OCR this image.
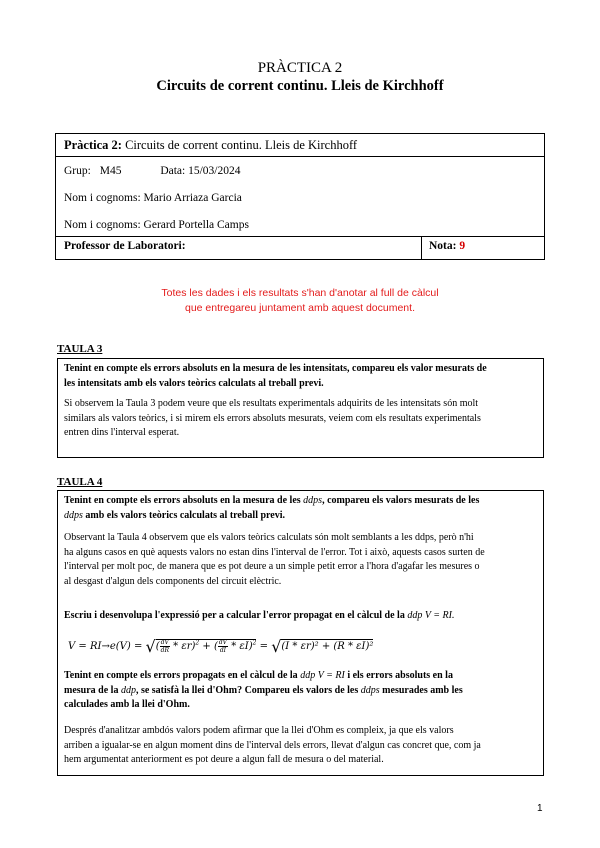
PRÀCTICA 2
Circuits de corrent continu. Lleis de Kirchhoff
Pràctica 2: Circuits de corrent continu. Lleis de Kirchhoff
Grup: M45	Data: 15/03/2024
Nom i cognoms: Mario Arriaza Garcia
Nom i cognoms: Gerard Portella Camps
Professor de Laboratori:	Nota: 9
Totes les dades i els resultats s'han d'anotar al full de càlcul
que entregareu juntament amb aquest document.
TAULA 3
Tenint en compte els errors absoluts en la mesura de les intensitats, compareu els valor mesurats de
les intensitats amb els valors teòrics calculats al treball previ.
Si observem la Taula 3 podem veure que els resultats experimentals adquirits de les intensitats són molt
similars als valors teòrics, i si mirem els errors absoluts mesurats, veiem com els resultats experimentals
entren dins l'interval esperat.
TAULA 4
Tenint en compte els errors absoluts en la mesura de les ddps, compareu els valors mesurats de les
ddps amb els valors teòrics calculats al treball previ.
Observant la Taula 4 observem que els valors teòrics calculats són molt semblants a les ddps, però n'hi
ha alguns casos en què aquests valors no estan dins l'interval de l'error. Tot i això, aquests casos surten de
l'interval per molt poc, de manera que es pot deure a un simple petit error a l'hora d'agafar les mesures o
al desgast d'algun dels components del circuit elèctric.
Escriu i desenvolupa l'expressió per a calcular l'error propagat en el càlcul de la ddp V = RI.
V = RI→e(V) = √( $\frac{dV}{dR} * \varepsilon r)^2$ + ( $\frac{dV}{dI} * \varepsilon I)^2 = √(I * \varepsilon r)^2 + (R * \varepsilon I)^2$
Tenint en compte els errors propagats en el càlcul de la ddp V = RI i els errors absoluts en la
mesura de la ddp, se satisfà la llei d'Ohm? Compareu els valors de les ddps mesurades amb les
calculades amb la llei d'Ohm.
Després d'analitzar ambdós valors podem afirmar que la llei d'Ohm es compleix, ja que els valors
arriben a igualar-se en algun moment dins de l'interval dels errors, llevat d'algun cas concret que, com ja
hem argumentat anteriorment es pot deure a algun fall de mesura o del material.
1
